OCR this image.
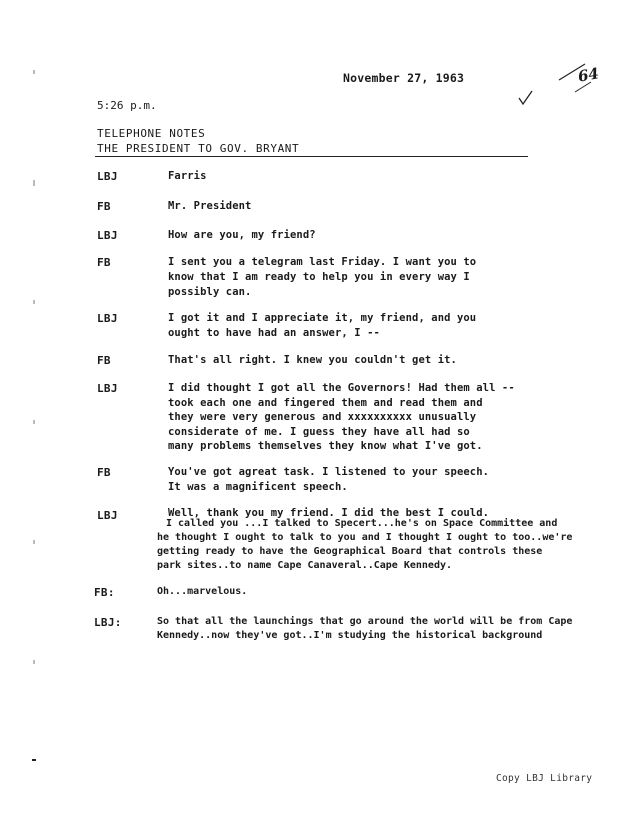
November 27, 1963	64
5:26 p.m.
TELEPHONE NOTES
THE PRESIDENT TO GOV. BRYANT
LBJ
FB
LBJ
FB
LBJ
FB
LBJ
FB
LBJ
FB:
LBJ:
Farris
Mr. President
How are you, my friend?
I sent you a telegram last Friday. I want you to
know that I am ready to help you in every way I
possibly can.
I got it and I appreciate it, my friend, and you
ought to have had an answer, I --
That's all right. I knew you couldn't get it.
I did thought I got all the Governors! Had them all --
took each one and fingered them and read them and
they were very generous and xxxxxxxxxx unusually
considerate of me. I guess they have all had so
many problems themselves they know what I've got.
You've got agreat task. I listened to your speech.
It was a magnificent speech.
Well, thank you my friend. I did the best I could.
I called you ...I talked to Specert...he's on Space Committee and
he thought I ought to talk to you and I thought I ought to too..we're
getting ready to have the Geographical Board that controls these
park sites..to name Cape Canaveral..Cape Kennedy.
Oh...marvelous.
So that all the launchings that go around the world will be from Cape
Kennedy..now they've got..I'm studying the historical background
Copy LBJ Library
